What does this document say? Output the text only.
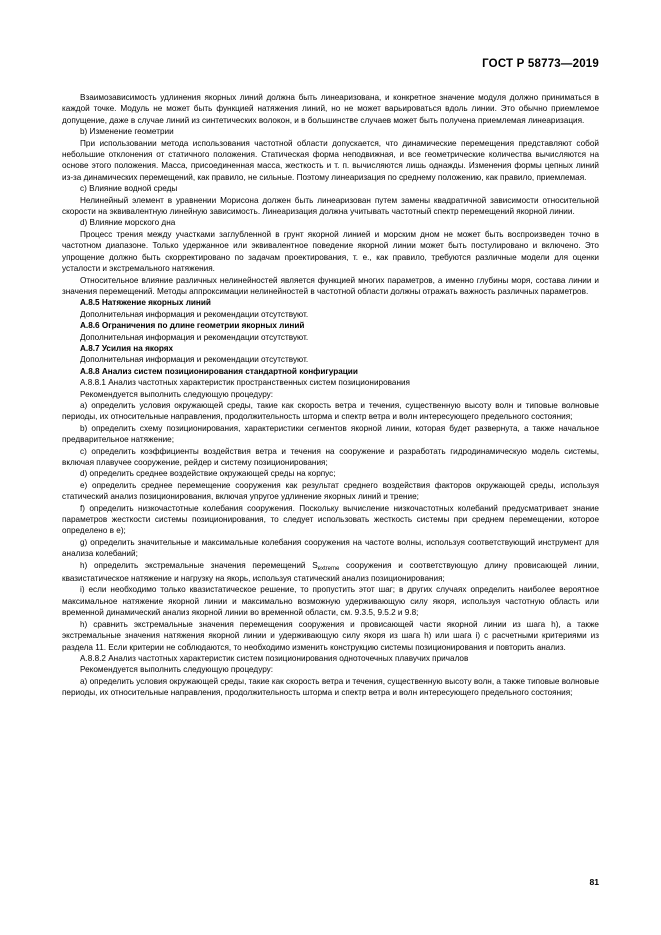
ГОСТ Р 58773—2019

Взаимозависимость удлинения якорных линий должна быть линеаризована, и конкретное значение модуля должно приниматься в каждой точке. Модуль не может быть функцией натяжения линий, но не может варьироваться вдоль линии. Это обычно приемлемое допущение, даже в случае линий из синтетических волокон, и в большинстве случаев может быть получена приемлемая линеаризация.

b) Изменение геометрии

При использовании метода использования частотной области допускается, что динамические перемещения представляют собой небольшие отклонения от статичного положения. Статическая форма неподвижная, и все геометрические количества вычисляются на основе этого положения. Масса, присоединенная масса, жесткость и т. п. вычисляются лишь однажды. Изменения формы цепных линий из-за динамических перемещений, как правило, не сильные. Поэтому линеаризация по среднему положению, как правило, приемлемая.

c) Влияние водной среды

Нелинейный элемент в уравнении Морисона должен быть линеаризован путем замены квадратичной зависимости относительной скорости на эквивалентную линейную зависимость. Линеаризация должна учитывать частотный спектр перемещений якорной линии.

d) Влияние морского дна

Процесс трения между участками заглубленной в грунт якорной линией и морским дном не может быть воспроизведен точно в частотном диапазоне. Только удержанное или эквивалентное поведение якорной линии может быть постулировано и включено. Это упрощение должно быть скорректировано по задачам проектирования, т. е., как правило, требуются различные модели для оценки усталости и экстремального натяжения.

Относительное влияние различных нелинейностей является функцией многих параметров, а именно глубины моря, состава линии и значения перемещений. Методы аппроксимации нелинейностей в частотной области должны отражать важность различных параметров.

А.8.5 Натяжение якорных линий

Дополнительная информация и рекомендации отсутствуют.

А.8.6 Ограничения по длине геометрии якорных линий

Дополнительная информация и рекомендации отсутствуют.

А.8.7 Усилия на якорях

Дополнительная информация и рекомендации отсутствуют.

А.8.8 Анализ систем позиционирования стандартной конфигурации

А.8.8.1 Анализ частотных характеристик пространственных систем позиционирования

Рекомендуется выполнить следующую процедуру:

a) определить условия окружающей среды, такие как скорость ветра и течения, существенную высоту волн и типовые волновые периоды, их относительные направления, продолжительность шторма и спектр ветра и волн интересующего предельного состояния;

b) определить схему позиционирования, характеристики сегментов якорной линии, которая будет развернута, а также начальное предварительное натяжение;

c) определить коэффициенты воздействия ветра и течения на сооружение и разработать гидродинамическую модель системы, включая плавучее сооружение, рейдер и систему позиционирования;

d) определить среднее воздействие окружающей среды на корпус;

e) определить среднее перемещение сооружения как результат среднего воздействия факторов окружающей среды, используя статический анализ позиционирования, включая упругое удлинение якорных линий и трение;

f) определить низкочастотные колебания сооружения. Поскольку вычисление низкочастотных колебаний предусматривает знание параметров жесткости системы позиционирования, то следует использовать жесткость системы при среднем перемещении, которое определено в e);

g) определить значительные и максимальные колебания сооружения на частоте волны, используя соответствующий инструмент для анализа колебаний;

h) определить экстремальные значения перемещений $S_{extreme}$ сооружения и соответствующую длину провисающей линии, квазистатическое натяжение и нагрузку на якорь, используя статический анализ позиционирования;

i) если необходимо только квазистатическое решение, то пропустить этот шаг; в других случаях определить наиболее вероятное максимальное натяжение якорной линии и максимально возможную удерживающую силу якоря, используя частотную область или временной динамический анализ якорной линии во временной области, см. 9.3.5, 9.5.2 и 9.8;

h) сравнить экстремальные значения перемещения сооружения и провисающей части якорной линии из шага h), а также экстремальные значения натяжения якорной линии и удерживающую силу якоря из шага h) или шага i) с расчетными критериями из раздела 11. Если критерии не соблюдаются, то необходимо изменить конструкцию системы позиционирования и повторить анализ.

А.8.8.2 Анализ частотных характеристик систем позиционирования одноточечных плавучих причалов

Рекомендуется выполнить следующую процедуру:

a) определить условия окружающей среды, такие как скорость ветра и течения, существенную высоту волн, а также типовые волновые периоды, их относительные направления, продолжительность шторма и спектр ветра и волн интересующего предельного состояния;

81
